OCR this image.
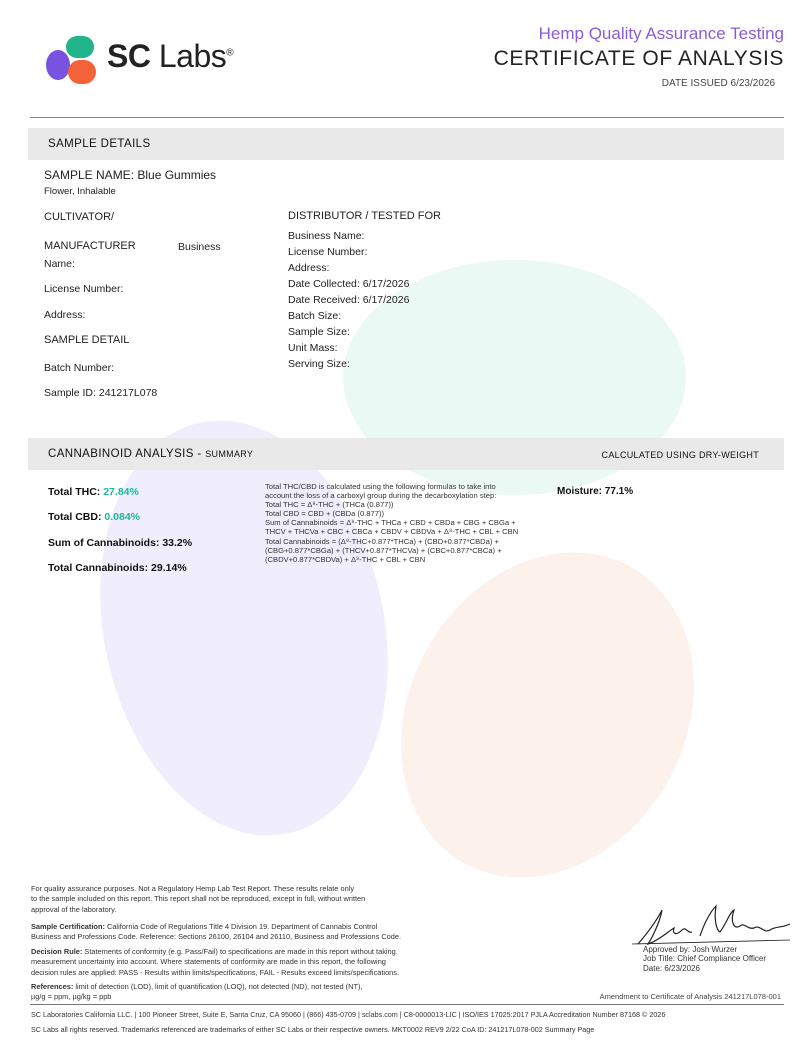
SC Labs®
Hemp Quality Assurance Testing
CERTIFICATE OF ANALYSIS
DATE ISSUED 6/23/2026
SAMPLE DETAILS
SAMPLE NAME: Blue Gummies
Flower, Inhalable
CULTIVATOR/
MANUFACTURER	Business
Name:
License Number:
Address:
SAMPLE DETAIL
Batch Number:
Sample ID: 241217L078
DISTRIBUTOR / TESTED FOR
Business Name:
License Number:
Address:
Date Collected: 6/17/2026
Date Received: 6/17/2026
Batch Size:
Sample Size:
Unit Mass:
Serving Size:
CANNABINOID ANALYSIS - SUMMARY	CALCULATED USING DRY-WEIGHT
Total THC: 27.84%
Total CBD: 0.084%
Sum of Cannabinoids: 33.2%
Total Cannabinoids: 29.14%
Total THC/CBD is calculated using the following formulas to take into
account the loss of a carboxyl group during the decarboxylation step:
Total THC = Δ⁹-THC + (THCa (0.877))
Total CBD = CBD + (CBDa (0.877))
Sum of Cannabinoids = Δ⁹-THC + THCa + CBD + CBDa + CBG + CBGa +
THCV + THCVa + CBC + CBCa + CBDV + CBDVa + Δ⁸-THC + CBL + CBN
Total Cannabinoids = (Δ⁹-THC+0.877*THCa) + (CBD+0.877*CBDa) +
(CBG+0.877*CBGa) + (THCV+0.877*THCVa) + (CBC+0.877*CBCa) +
(CBDV+0.877*CBDVa) + Δ⁸-THC + CBL + CBN
Moisture: 77.1%
For quality assurance purposes. Not a Regulatory Hemp Lab Test Report. These results relate only
to the sample included on this report. This report shall not be reproduced, except in full, without written
approval of the laboratory.
Sample Certification: California Code of Regulations Title 4 Division 19. Department of Cannabis Control
Business and Professions Code. Reference: Sections 26100, 26104 and 26110, Business and Professions Code.
Decision Rule: Statements of conformity (e.g. Pass/Fail) to specifications are made in this report without taking
measurement uncertainty into account. Where statements of conformity are made in this report, the following
decision rules are applied: PASS - Results within limits/specifications, FAIL - Results exceed limits/specifications.
References: limit of detection (LOD), limit of quantification (LOQ), not detected (ND), not tested (NT),
µg/g = ppm, µg/kg = ppb
Approved by: Josh Wurzer
Job Title: Chief Compliance Officer
Date: 6/23/2026
Amendment to Certificate of Analysis 241217L078-001
SC Laboratories California LLC. | 100 Pioneer Street, Suite E, Santa Cruz, CA 95060 | (866) 435-0709 | sclabs.com | C8-0000013-LIC | ISO/IES 17025:2017 PJLA Accreditation Number 87168 © 2026
SC Labs all rights reserved. Trademarks referenced are trademarks of either SC Labs or their respective owners. MKT0002 REV9 2/22 CoA ID: 241217L078-002 Summary Page
